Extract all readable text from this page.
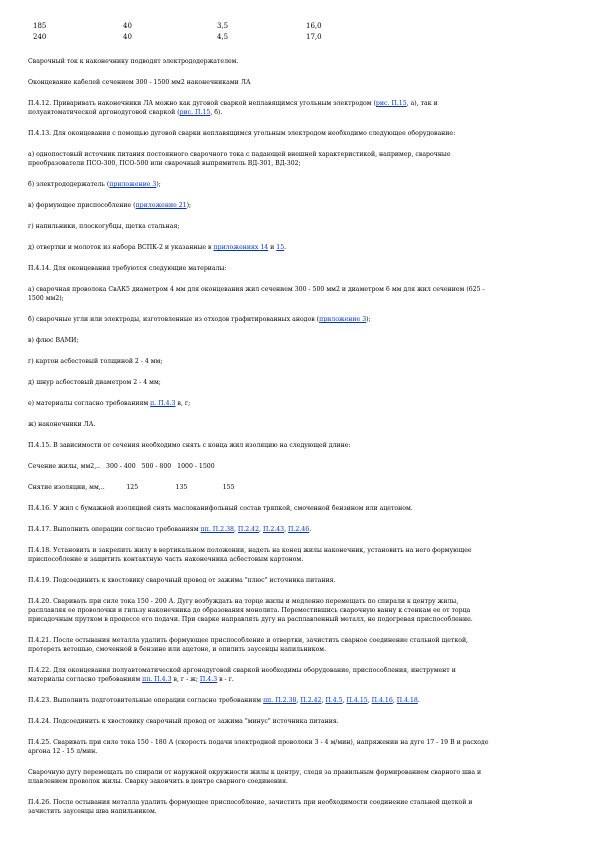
185	40	3,5	16,0
240	40	4,5	17,0

Сварочный ток к наконечнику подводят электрододержателем.

Оконцевание кабелей сечением 300 - 1500 мм2 наконечниками ЛА

П.4.12. Приваривать наконечники ЛА можно как дуговой сваркой неплавящимся угольным электродом (рис. П.15, а), так и

полуавтоматической аргонодуговой сваркой (рис. П.15, б).

П.4.13. Для оконцевания с помощью дуговой сварки неплавящимся угольным электродом необходимо следующее оборудование:

а) однопостовый источник питания постоянного сварочного тока с падающей внешней характеристикой, например, сварочные

преобразователи ПСО-300, ПСО-500 или сварочный выпрямитель ВД-301, ВД-302;

б) электрододержатель (приложение 3);

в) формующее приспособление (приложение 21);

г) напильники, плоскогубцы, щетка стальная;

д) отвертки и молоток из набора ВСПК-2 и указанные в приложениях 14 и 15.

П.4.14. Для оконцевания требуются следующие материалы:

а) сварочная проволока СвАК5 диаметром 4 мм для оконцевания жил сечением 300 - 500 мм2 и диаметром 6 мм для жил сечением (625 -

1500 мм2);

б) сварочные угли или электроды, изготовленные из отходов графитированных анодов (приложение 3);

в) флюс ВАМИ;

г) картон асбестовый толщиной 2 - 4 мм;

д) шнур асбестовый диаметром 2 - 4 мм;

е) материалы согласно требованиям п. П.4.3 в, г;

ж) наконечники ЛА.

П.4.15. В зависимости от сечения необходимо снять с конца жил изоляцию на следующей длине:

Сечение жилы, мм2,..   300 - 400 500 - 800 1000 - 1500

Снятие изоляции, мм,..           125	135	155

П.4.16. У жил с бумажной изоляцией снять маслоканифольный состав тряпкой, смоченной бензином или ацетоном.

П.4.17. Выполнить операции согласно требованиям пп. П.2.38, П.2.42, П.2.43, П.2.46.

П.4.18. Установить и закрепить жилу в вертикальном положении, надеть на конец жилы наконечник, установить на него формующее

приспособление и защитить контактную часть наконечника асбестовым картоном.

П.4.19. Подсоединить к хвостовику сварочный провод от зажима "плюс" источника питания.

П.4.20. Сваривать при силе тока 150 - 200 А. Дугу возбуждать на торце жилы и медленно перемещать по спирали к центру жилы,

расплавляя ее проволочки и гильзу наконечника до образования монолита. Переместившись сварочную ванну к стенкам ее от торца

присадочным прутком в процессе его подачи. При сварке направлять дугу на расплавленный металл, не подогревая приспособление.

П.4.21. После остывания металла удалить формующее приспособление и отвертки, зачистить сварное соединение стальной щеткой,

протереть ветошью, смоченной в бензине или ацетоне, и опилить заусенцы напильником.

П.4.22. Для оконцевания полуавтоматической аргонодуговой сваркой необходимы оборудование, приспособления, инструмент и

материалы согласно требованиям пп. П.4.3 в, г - ж; П.4.3 в - г.

П.4.23. Выполнить подготовительные операции согласно требованиям пп. П.2.38, П.2.42, П.4.5, П.4.15, П.4.16, П.4.18.

П.4.24. Подсоединить к хвостовику сварочный провод от зажима "минус" источника питания.

П.4.25. Сваривать при силе тока 150 - 180 А (скорость подачи электродной проволоки 3 - 4 м/мин), напряжении на дуге 17 - 19 В и расходе

аргона 12 - 15 л/мин.

Сварочную дугу перемещать по спирали от наружной окружности жилы к центру, следя за правильным формированием сварного шва и

плавлением проволок жилы. Сварку закончить в центре сварного соединения.

П.4.26. После остывания металла удалить формующее приспособление, зачистить при необходимости соединение стальной щеткой и

зачистить заусенцы шва напильником.
